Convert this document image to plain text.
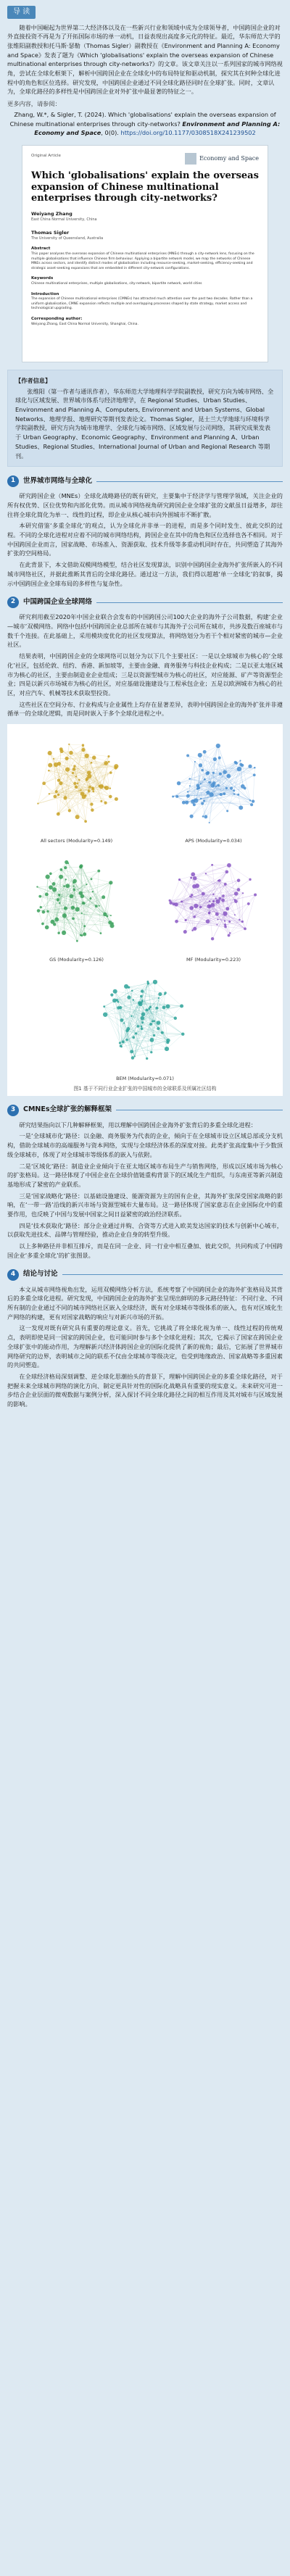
导 读

随着中国崛起为世界第二大经济体以及在一些新兴行业和领域中成为全球领导者，中国跨国企业的对外直接投资不再是为了开拓国际市场的单一动机，日益表现出高度多元化的特征。最近，华东师范大学的张维阳副教授和托马斯·瑟勒（Thomas Sigler）副教授在《Environment and Planning A: Economy and Space》发表了题为《Which 'globalisations' explain the overseas expansion of Chinese multinational enterprises through city-networks?》的文章。该文章关注以一系列国家的城市网络视角，尝试在全球化框架下，解析中国跨国企业在全球化中的布局特征和驱动机制，探究其在何种全球化进程中的角色和区位选择。研究发现，中国跨国企业通过不同全球化路径同时在全球扩张。同时，文章认为，全球化路径的多样性是中国跨国企业对外扩张中最显著的特征之一。

更多内容，请参阅：

Zhang, W.*, & Sigler, T. (2024). Which 'globalisations' explain the overseas expansion of Chinese multinational enterprises through city-networks? Environment and Planning A: Economy and Space, 0(0). https://doi.org/10.1177/0308518X241239502

Original Article	Economy and Space
Which 'globalisations' explain the overseas expansion of Chinese multinational enterprises through city-networks?
Weiyang Zhang
East China Normal University, China
Thomas Sigler
The University of Queensland, Australia
Abstract
This paper analyses the overseas expansion of Chinese multinational enterprises (MNEs) through a city-network lens, focusing on the multiple globalisations that influence Chinese firm behaviour. Applying a bipartite network model, we map the networks of Chinese MNEs across sectors, and identify distinct modes of globalisation including resource-seeking, market-seeking, efficiency-seeking and strategic asset-seeking expansions that are embedded in different city-network configurations.
Keywords
Chinese multinational enterprises, multiple globalisations, city-network, bipartite network, world cities
Introduction
The expansion of Chinese multinational enterprises (CMNEs) has attracted much attention over the past two decades. Rather than a uniform globalisation, CMNE expansion reflects multiple and overlapping processes shaped by state strategy, market access and technological upgrading.
Corresponding author:
Weiyang Zhang, East China Normal University, Shanghai, China.
【作者信息】

张维阳（第一作者与通讯作者），华东师范大学地理科学学院副教授，研究方向为城市网络、全球化与区域发展、世界城市体系与经济地理学，在 Regional Studies、Urban Studies、Environment and Planning A、Computers, Environment and Urban Systems、Global Networks、地理学报、地理研究等期刊发表论文。Thomas Sigler，昆士兰大学地球与环境科学学院副教授，研究方向为城市地理学、全球化与城市网络、区域发展与公司网络，其研究成果发表于 Urban Geography、Economic Geography、Environment and Planning A、Urban Studies、Regional Studies、International Journal of Urban and Regional Research 等期刊。

1	世界城市网络与全球化

研究跨国企业（MNEs）全球化战略路径的既有研究，主要集中于经济学与管理学领域，关注企业的所有权优势、区位优势和内部化优势。而从城市网络视角研究跨国企业全球扩张的文献虽日益增多，却往往将全球化简化为单一、线性的过程，即企业从核心城市向外围城市不断扩散。

本研究借鉴‘多重全球化’的观点，认为全球化并非单一的进程，而是多个同时发生、彼此交织的过程。不同的全球化进程对应着不同的城市网络结构，跨国企业在其中的角色和区位选择也各不相同。对于中国跨国企业而言，国家战略、市场准入、资源获取、技术升级等多重动机同时存在，共同塑造了其海外扩张的空间格局。

在此背景下，本文借助双模网络模型，结合社区发现算法，识别中国跨国企业海外扩张所嵌入的不同城市网络社区，并据此推断其背后的全球化路径。通过这一方法，我们得以超越‘单一全球化’的叙事，揭示中国跨国企业全球布局的多样性与复杂性。

2	中国跨国企业全球网络

研究利用截至2020年中国企业联合会发布的中国跨国公司100大企业的海外子公司数据，构建‘企业—城市’双模网络。网络中包括中国跨国企业总部所在城市与其海外子公司所在城市，共涉及数百座城市与数千个连接。在此基础上，采用模块度优化的社区发现算法，将网络划分为若干个相对紧密的城市—企业社区。

结果表明，中国跨国企业的全球网络可以划分为以下几个主要社区：一是以全球城市为核心的‘全球化’社区，包括伦敦、纽约、香港、新加坡等，主要由金融、商务服务与科技企业构成；二是以亚太地区城市为核心的社区，主要由制造业企业组成；三是以资源型城市为核心的社区，对应能源、矿产等资源型企业；四是以新兴市场城市为核心的社区，对应基础设施建设与工程承包企业；五是以欧洲城市为核心的社区，对应汽车、机械等技术获取型投资。

这些社区在空间分布、行业构成与企业属性上均存在显著差异，表明中国跨国企业的海外扩张并非遵循单一的全球化逻辑，而是同时嵌入于多个全球化进程之中。

All sectors (Modularity=0.149)	APS (Modularity=0.034)
GS (Modularity=0.126)	MF (Modularity=0.223)
BEM (Modularity=0.071)
图1 基于不同行业企业扩张的中国城市的全球联系及所属社区结构
3	CMNEs全球扩张的解释框架

研究结果指向以下几种解释框架，用以理解中国跨国企业海外扩张背后的多重全球化进程：

一是‘全球城市化’路径：以金融、商务服务为代表的企业，倾向于在全球城市设立区域总部或分支机构，借助全球城市的高端服务与资本网络，实现与全球经济体系的深度对接。此类扩张高度集中于少数顶级全球城市，体现了对全球城市等级体系的嵌入与依附。

二是‘区域化’路径：制造业企业倾向于在亚太地区城市布局生产与销售网络，形成以区域市场为核心的扩张格局。这一路径体现了中国企业在全球价值链重构背景下的区域化生产组织，与东南亚等新兴制造基地形成了紧密的产业联系。

三是‘国家战略化’路径：以基础设施建设、能源资源为主的国有企业，其海外扩张深受国家战略的影响，在‘一带一路’沿线的新兴市场与资源型城市大量布局。这一路径体现了国家意志在企业国际化中的重要作用，也反映了中国与发展中国家之间日益紧密的政治经济联系。

四是‘技术获取化’路径：部分企业通过并购、合资等方式进入欧美发达国家的技术与创新中心城市，以获取先进技术、品牌与管理经验，推动企业自身的转型升级。

以上多种路径并非相互排斥，而是在同一企业、同一行业中相互叠加、彼此交织，共同构成了中国跨国企业‘多重全球化’的扩张图景。

4	结论与讨论

本文从城市网络视角出发，运用双模网络分析方法，系统考察了中国跨国企业的海外扩张格局及其背后的多重全球化进程。研究发现，中国跨国企业的海外扩张呈现出鲜明的多元路径特征：不同行业、不同所有制的企业通过不同的城市网络社区嵌入全球经济，既有对全球城市等级体系的嵌入，也有对区域化生产网络的构建，更有对国家战略的响应与对新兴市场的开拓。

这一发现对既有研究具有重要的理论意义。首先，它挑战了将全球化视为单一、线性过程的传统观点，表明即使是同一国家的跨国企业，也可能同时参与多个全球化进程；其次，它揭示了国家在跨国企业全球扩张中的能动作用，为理解新兴经济体跨国企业的国际化提供了新的视角；最后，它拓展了世界城市网络研究的边界，表明城市之间的联系不仅由全球城市等级决定，也受到地缘政治、国家战略等多重因素的共同塑造。

在全球经济格局深刻调整、逆全球化思潮抬头的背景下，理解中国跨国企业的多重全球化路径，对于把握未来全球城市网络的演化方向、制定更具针对性的国际化战略具有重要的现实意义。未来研究可进一步结合企业层面的微观数据与案例分析，深入探讨不同全球化路径之间的相互作用及其对城市与区域发展的影响。
